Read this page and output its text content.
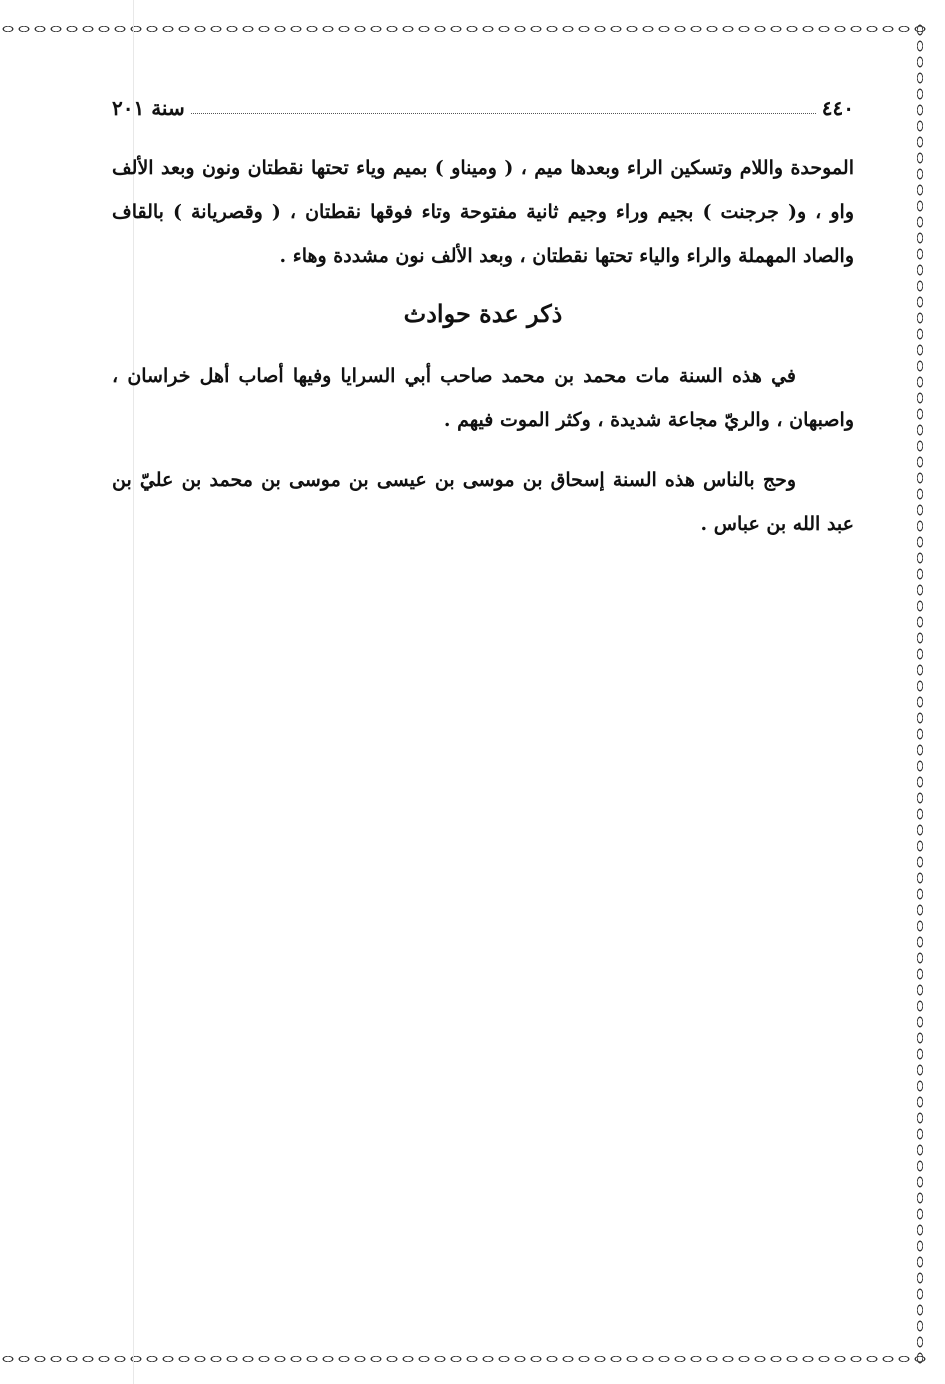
٤٤٠
سنة ٢٠١

الموحدة واللام وتسكين الراء وبعدها ميم ، ( وميناو ) بميم وياء تحتها نقطتان ونون وبعد الألف واو ، و( جرجنت ) بجيم وراء وجيم ثانية مفتوحة وتاء فوقها نقطتان ، ( وقصريانة ) بالقاف والصاد المهملة والراء والياء تحتها نقطتان ، وبعد الألف نون مشددة وهاء .

ذكر عدة حوادث

في هذه السنة مات محمد بن محمد صاحب أبي السرايا وفيها أصاب أهل خراسان ، واصبهان ، والريّ مجاعة شديدة ، وكثر الموت فيهم .

وحج بالناس هذه السنة إسحاق بن موسى بن عيسى بن موسى بن محمد بن عليّ بن عبد الله بن عباس .
